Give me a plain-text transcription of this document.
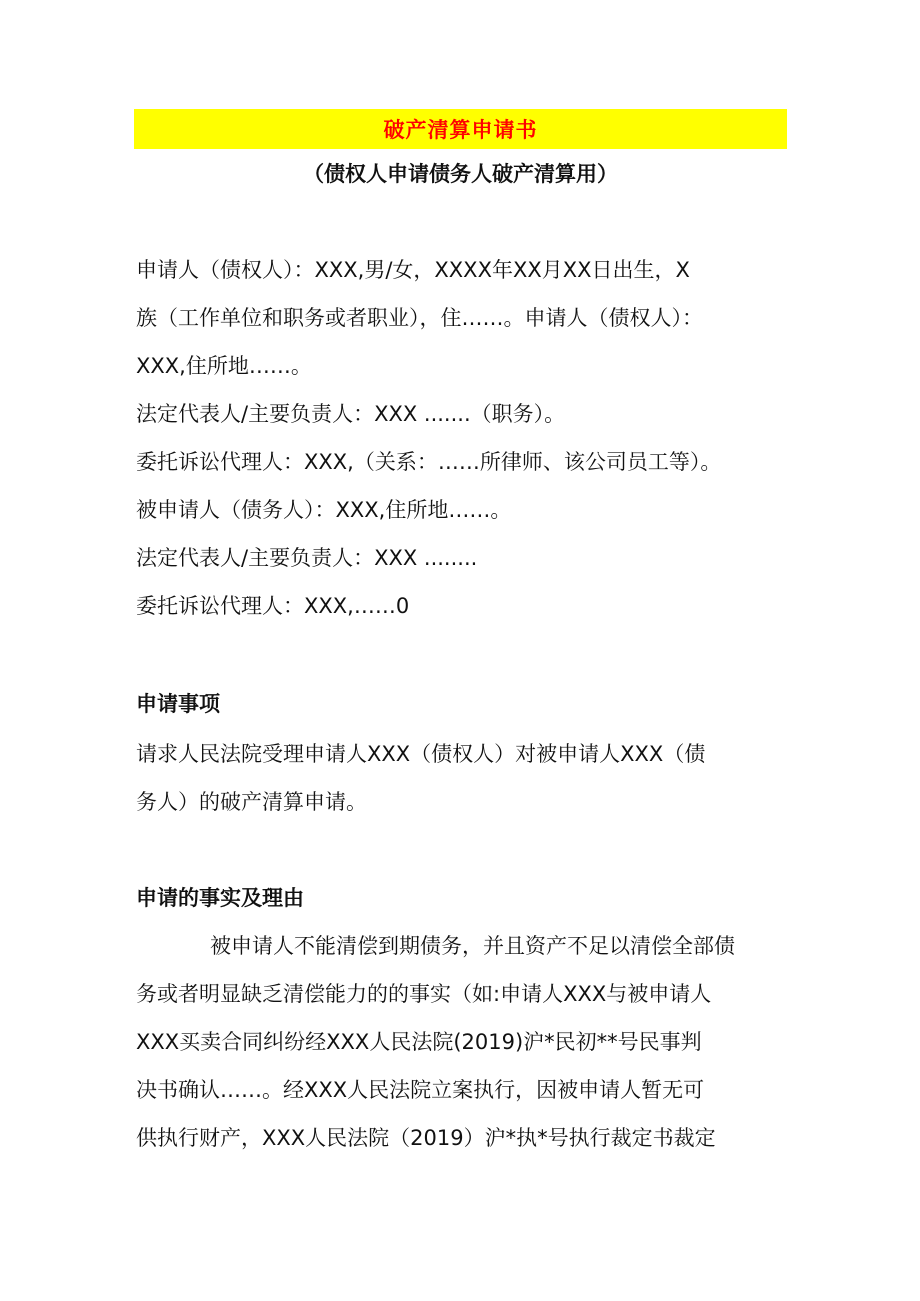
破产清算申请书
（债权人申请债务人破产清算用）
申请人（债权人）：XXX,男/女，XXXX年XX月XX日出生，X
族（工作单位和职务或者职业），住……。申请人（债权人）：
XXX,住所地……。
法定代表人/主要负责人：XXX .......（职务）。
委托诉讼代理人：XXX,（关系：……所律师、该公司员工等）。
被申请人（债务人）：XXX,住所地……。
法定代表人/主要负责人：XXX ........
委托诉讼代理人：XXX,……0
申请事项
请求人民法院受理申请人XXX（债权人）对被申请人XXX（债
务人）的破产清算申请。
申请的事实及理由
被申请人不能清偿到期债务，并且资产不足以清偿全部债
务或者明显缺乏清偿能力的的事实（如:申请人XXX与被申请人
XXX买卖合同纠纷经XXX人民法院(2019)沪*民初**号民事判
决书确认……。经XXX人民法院立案执行，因被申请人暂无可
供执行财产，XXX人民法院（2019）沪*执*号执行裁定书裁定
